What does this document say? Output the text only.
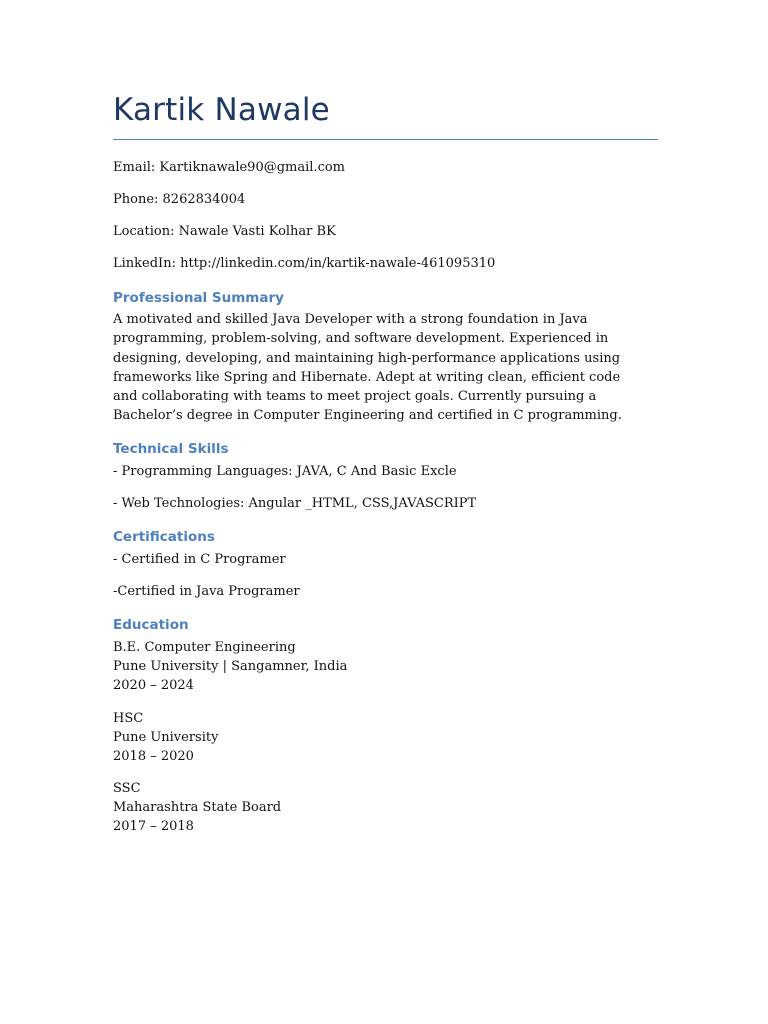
Kartik Nawale
Email: Kartiknawale90@gmail.com
Phone: 8262834004
Location: Nawale Vasti Kolhar BK
LinkedIn: http://linkedin.com/in/kartik-nawale-461095310
Professional Summary
A motivated and skilled Java Developer with a strong foundation in Java programming, problem-solving, and software development. Experienced in designing, developing, and maintaining high-performance applications using frameworks like Spring and Hibernate. Adept at writing clean, efficient code and collaborating with teams to meet project goals. Currently pursuing a Bachelor’s degree in Computer Engineering and certified in C programming.
Technical Skills
- Programming Languages: JAVA, C And Basic Excle
- Web Technologies: Angular _HTML, CSS,JAVASCRIPT
Certifications
- Certified in C Programer
-Certified in Java Programer
Education
B.E. Computer Engineering
Pune University | Sangamner, India
2020 – 2024
HSC
Pune University
2018 – 2020
SSC
Maharashtra State Board
2017 – 2018
